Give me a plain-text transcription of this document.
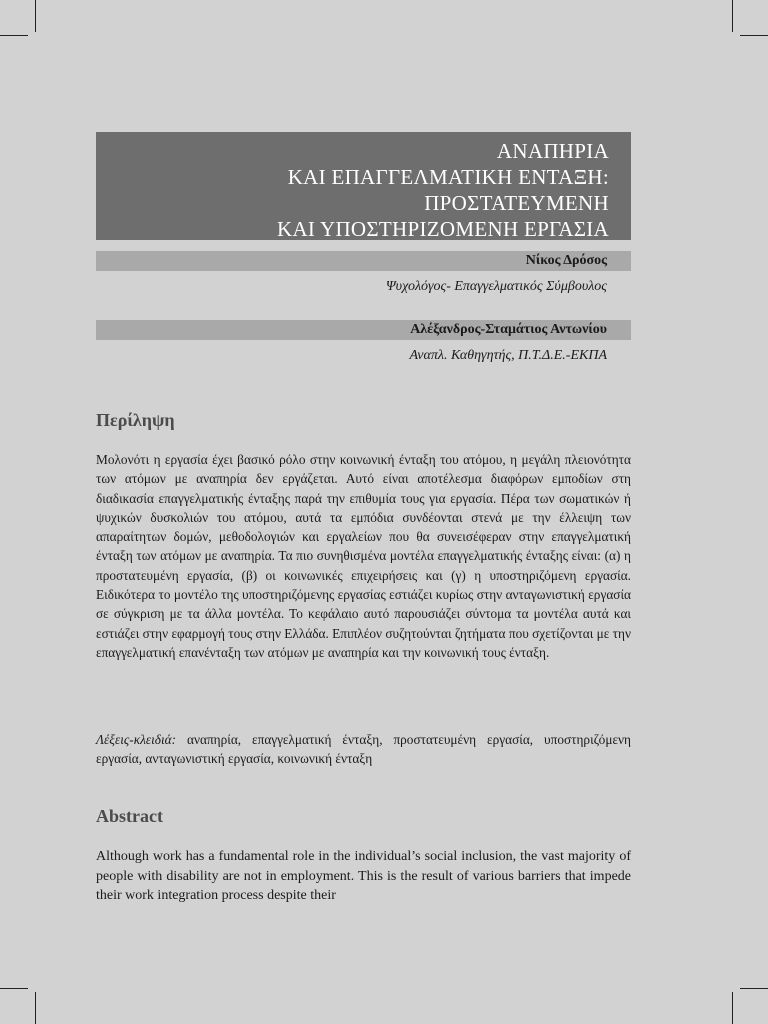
ΑΝΑΠΗΡΙΑ
ΚΑΙ ΕΠΑΓΓΕΛΜΑΤΙΚΗ ΕΝΤΑΞΗ:
ΠΡΟΣΤΑΤΕΥΜΕΝΗ
ΚΑΙ ΥΠΟΣΤΗΡΙΖΟΜΕΝΗ ΕΡΓΑΣΙΑ
Νίκος Δρόσος
Ψυχολόγος- Επαγγελματικός Σύμβουλος
Αλέξανδρος-Σταμάτιος Αντωνίου
Αναπλ. Καθηγητής, Π.Τ.Δ.Ε.-ΕΚΠΑ
Περίληψη
Μολονότι η εργασία έχει βασικό ρόλο στην κοινωνική ένταξη του ατόμου, η μεγάλη πλειονότητα των ατόμων με αναπηρία δεν εργάζεται. Αυτό είναι αποτέλεσμα διαφόρων εμποδίων στη διαδικασία επαγγελματικής ένταξης παρά την επιθυμία τους για εργασία. Πέρα των σωματικών ή ψυχικών δυσκολιών του ατόμου, αυτά τα εμπόδια συνδέονται στενά με την έλλειψη των απαραίτητων δομών, μεθοδολογιών και εργαλείων που θα συνεισέφεραν στην επαγγελματική ένταξη των ατόμων με αναπηρία. Τα πιο συνηθισμένα μοντέλα επαγγελματικής ένταξης είναι: (α) η προστατευμένη εργασία, (β) οι κοινωνικές επιχειρήσεις και (γ) η υποστηριζόμενη εργασία. Ειδικότερα το μοντέλο της υποστηριζόμενης εργασίας εστιάζει κυρίως στην ανταγωνιστική εργασία σε σύγκριση με τα άλλα μοντέλα. Το κεφάλαιο αυτό παρουσιάζει σύντομα τα μοντέλα αυτά και εστιάζει στην εφαρμογή τους στην Ελλάδα. Επιπλέον συζητούνται ζητήματα που σχετίζονται με την επαγγελματική επανένταξη των ατόμων με αναπηρία και την κοινωνική τους ένταξη.
Λέξεις-κλειδιά: αναπηρία, επαγγελματική ένταξη, προστατευμένη εργασία, υποστηριζόμενη εργασία, ανταγωνιστική εργασία, κοινωνική ένταξη
Abstract
Although work has a fundamental role in the individual’s social inclusion, the vast majority of people with disability are not in employment. This is the result of various barriers that impede their work integration process despite their
